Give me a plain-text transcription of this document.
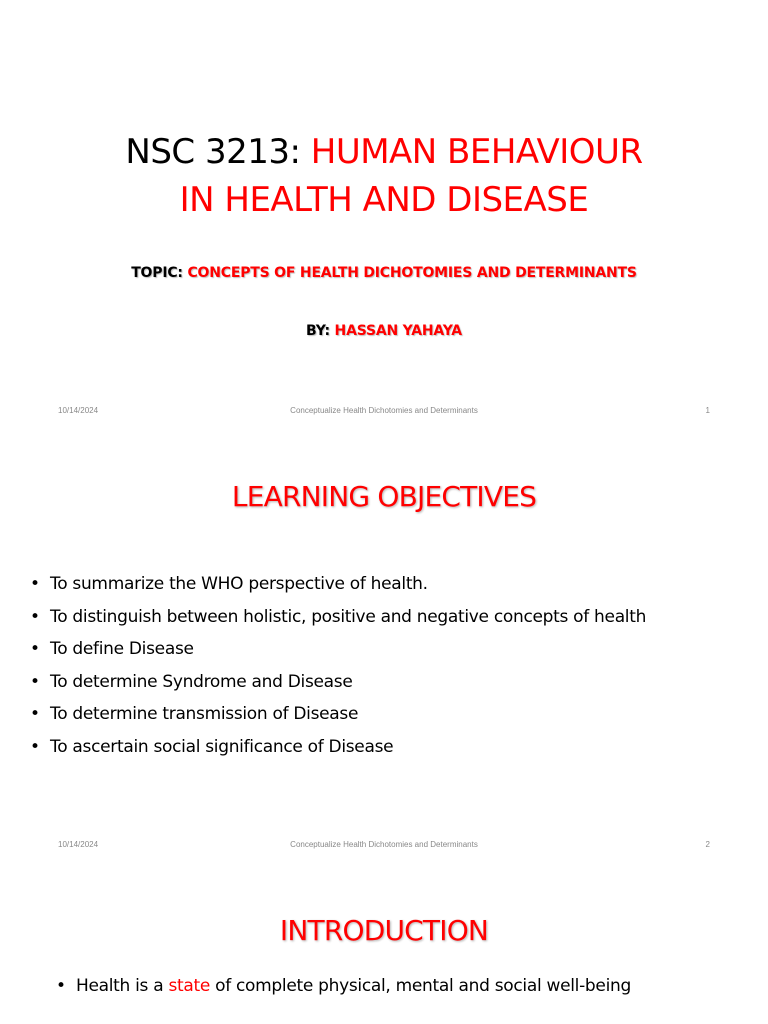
NSC 3213: HUMAN BEHAVIOUR
IN HEALTH AND DISEASE
TOPIC: CONCEPTS OF HEALTH DICHOTOMIES AND DETERMINANTS
BY: HASSAN YAHAYA
10/14/2024	Conceptualize Health Dichotomies and Determinants	1
LEARNING OBJECTIVES
• To summarize the WHO perspective of health.
• To distinguish between holistic, positive and negative concepts of health
• To define Disease
• To determine Syndrome and Disease
• To determine transmission of Disease
• To ascertain social significance of Disease
10/14/2024	Conceptualize Health Dichotomies and Determinants	2
INTRODUCTION
• Health is a state of complete physical, mental and social well-being
